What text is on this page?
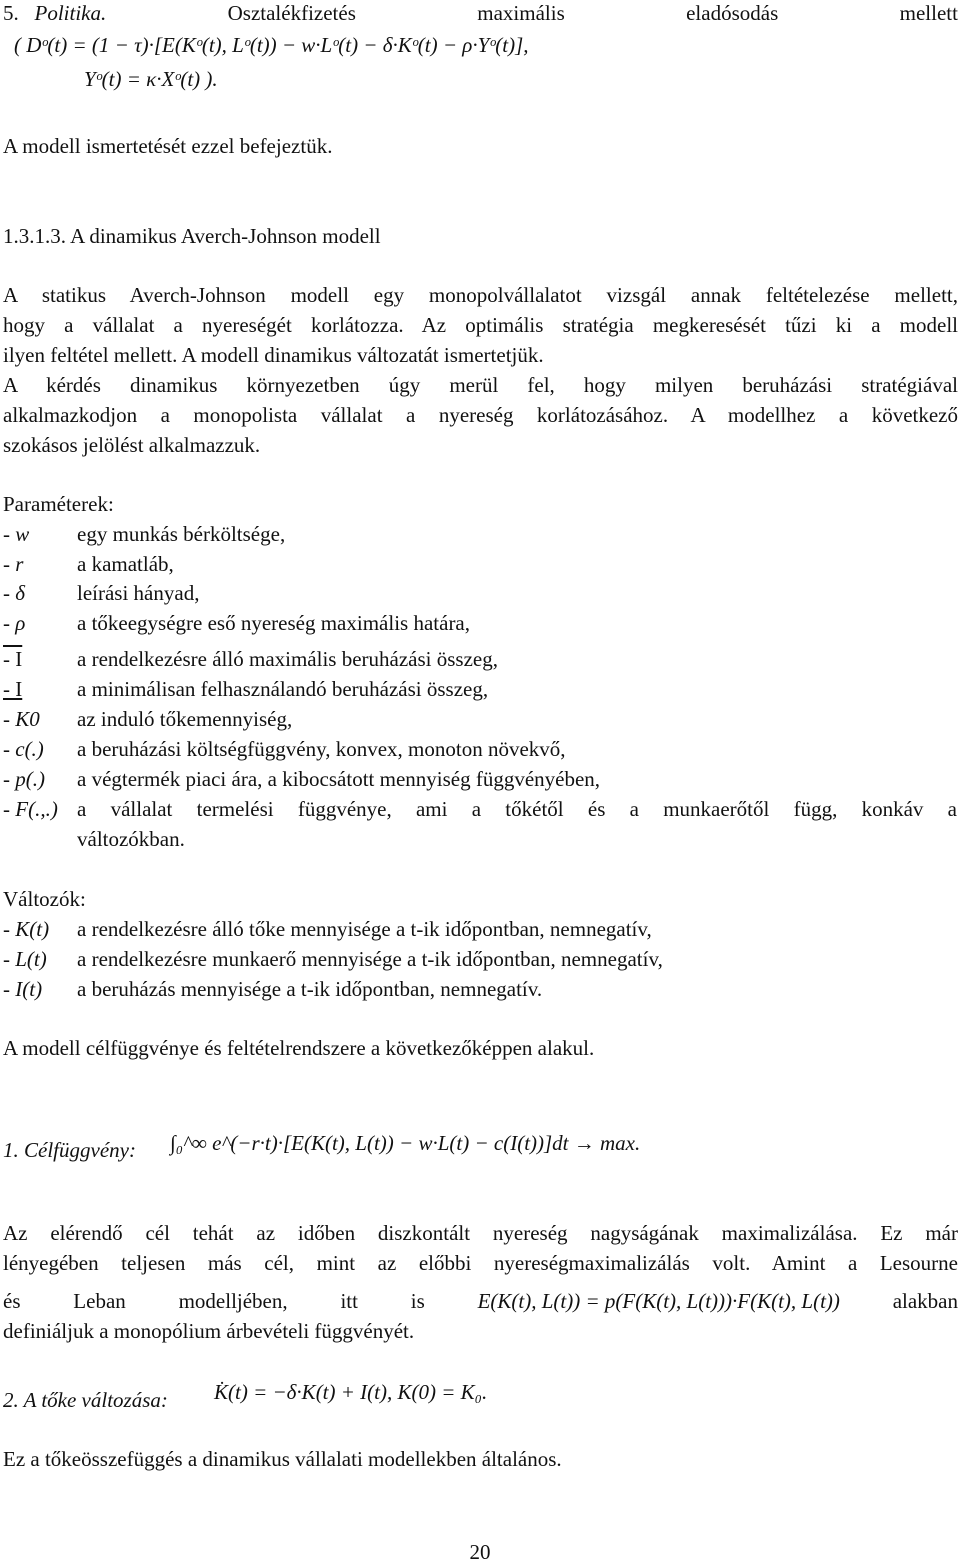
5. Politika.	Osztalékfizetés	maximális	eladósodás	mellett
( Dᵒ(t) = (1 − τ)·[E(Kᵒ(t), Lᵒ(t)) − w·Lᵒ(t) − δ·Kᵒ(t) − ρ·Yᵒ(t)],
Yᵒ(t) = κ·Xᵒ(t) ).
A modell ismertetését ezzel befejeztük.
1.3.1.3. A dinamikus Averch-Johnson modell
A statikus Averch-Johnson modell egy monopolvállalatot vizsgál annak feltételezése mellett,
hogy a vállalat a nyereségét korlátozza. Az optimális stratégia megkeresését tűzi ki a modell
ilyen feltétel mellett. A modell dinamikus változatát ismertetjük.
A kérdés dinamikus környezetben úgy merül fel, hogy milyen beruházási stratégiával
alkalmazkodjon a monopolista vállalat a nyereség korlátozásához. A modellhez a következő
szokásos jelölést alkalmazzuk.
Paraméterek:
- w egy munkás bérköltsége,
- r	a kamatláb,
- δ leírási hányad,
- ρ a tőkeegységre eső nyereség maximális határa,
- I	a rendelkezésre álló maximális beruházási összeg,
- I	a minimálisan felhasználandó beruházási összeg,
- K0 az induló tőkemennyiség,
- c(.) a beruházási költségfüggvény, konvex, monoton növekvő,
- p(.) a végtermék piaci ára, a kibocsátott mennyiség függvényében,
- F(.,.) a vállalat termelési függvénye, ami a tőkétől és a munkaerőtől függ, konkáv a
változókban.
Változók:
- K(t) a rendelkezésre álló tőke mennyisége a t-ik időpontban, nemnegatív,
- L(t) a rendelkezésre munkaerő mennyisége a t-ik időpontban, nemnegatív,
- I(t) a beruházás mennyisége a t-ik időpontban, nemnegatív.
A modell célfüggvénye és feltételrendszere a következőképpen alakul.
1. Célfüggvény: ∫₀^∞ e^(−r·t)·[E(K(t), L(t)) − w·L(t) − c(I(t))]dt → max.
Az elérendő cél tehát az időben diszkontált nyereség nagyságának maximalizálása. Ez már
lényegében teljesen más cél, mint az előbbi nyereségmaximalizálás volt. Amint a Lesourne
és	Leban	modelljében,	itt	is	E(K(t), L(t)) = p(F(K(t), L(t)))·F(K(t), L(t))	alakban
definiáljuk a monopólium árbevételi függvényét.
2. A tőke változása: K̇(t) = −δ·K(t) + I(t), K(0) = K₀.
Ez a tőkeösszefüggés a dinamikus vállalati modellekben általános.
20
